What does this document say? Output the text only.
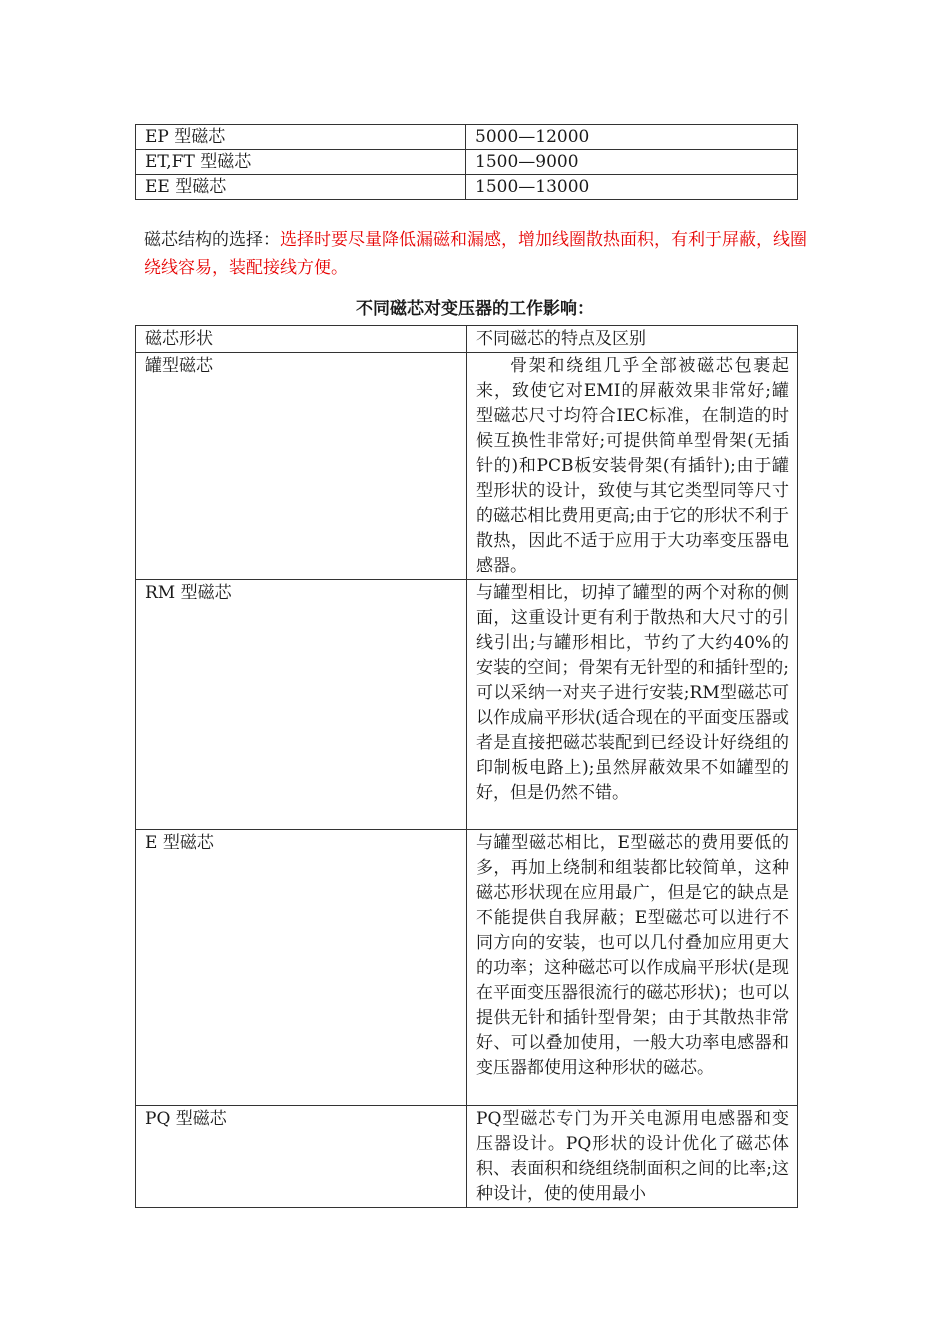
EP 型磁芯	5000—12000
ET,FT 型磁芯	1500—9000
EE 型磁芯	1500—13000
磁芯结构的选择：选择时要尽量降低漏磁和漏感，增加线圈散热面积，有利于屏蔽，线圈绕线容易，装配接线方便。
不同磁芯对变压器的工作影响：
磁芯形状	不同磁芯的特点及区别
罐型磁芯	骨架和绕组几乎全部被磁芯包裹起来，致使它对EMI的屏蔽效果非常好;罐型磁芯尺寸均符合IEC标准，在制造的时候互换性非常好;可提供简单型骨架(无插针的)和PCB板安装骨架(有插针);由于罐型形状的设计，致使与其它类型同等尺寸的磁芯相比费用更高;由于它的形状不利于散热，因此不适于应用于大功率变压器电感器。
RM 型磁芯	与罐型相比，切掉了罐型的两个对称的侧面，这重设计更有利于散热和大尺寸的引线引出;与罐形相比，节约了大约40%的安装的空间；骨架有无针型的和插针型的;可以采纳一对夹子进行安装;RM型磁芯可以作成扁平形状(适合现在的平面变压器或者是直接把磁芯装配到已经设计好绕组的印制板电路上);虽然屏蔽效果不如罐型的好，但是仍然不错。
E 型磁芯	与罐型磁芯相比，E型磁芯的费用要低的多，再加上绕制和组装都比较简单，这种磁芯形状现在应用最广，但是它的缺点是不能提供自我屏蔽；E型磁芯可以进行不同方向的安装，也可以几付叠加应用更大的功率；这种磁芯可以作成扁平形状(是现在平面变压器很流行的磁芯形状)；也可以提供无针和插针型骨架；由于其散热非常好、可以叠加使用，一般大功率电感器和变压器都使用这种形状的磁芯。
PQ 型磁芯	PQ型磁芯专门为开关电源用电感器和变压器设计。PQ形状的设计优化了磁芯体积、表面积和绕组绕制面积之间的比率;这种设计，使的使用最小
